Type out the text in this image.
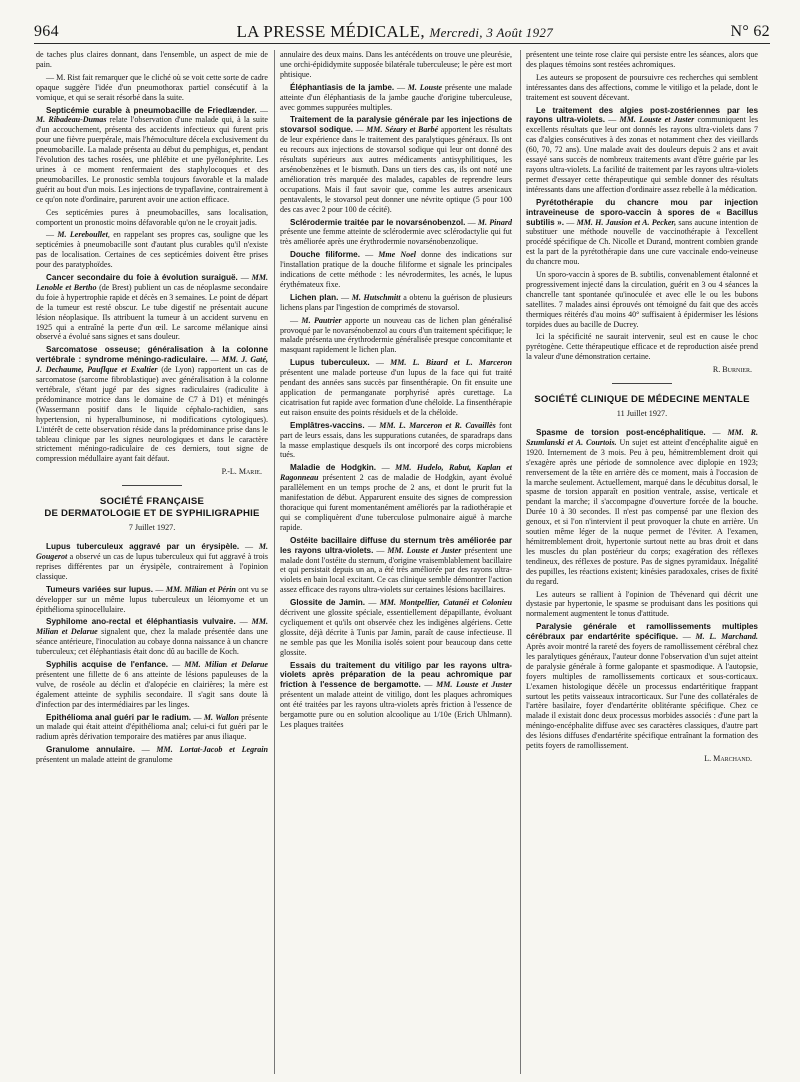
964	LA PRESSE MÉDICALE, Mercredi, 3 Août 1927	N° 62

de taches plus claires donnant, dans l'ensemble, un aspect de mie de pain.

— M. Rist fait remarquer que le cliché où se voit cette sorte de cadre opaque suggère l'idée d'un pneumothorax partiel consécutif à la vomique, et qui se serait résorbé dans la suite.

Septicémie curable à pneumobacille de Friedlænder. — M. Ribadeau-Dumas relate l'observation d'une malade qui, à la suite d'un accouchement, présenta des accidents infectieux qui furent pris pour une fièvre puerpérale, mais l'hémoculture décela exclusivement du pneumobacille. La malade présenta au début du pemphigus, et, pendant l'évolution des taches rosées, une phlébite et une pyélonéphrite. Les urines à ce moment renfermaient des staphylocoques et des pneumobacilles. Le pronostic sembla toujours favorable et la malade guérit au bout d'un mois. Les injections de trypaflavine, contrairement à ce qu'on note d'ordinaire, parurent avoir une action efficace.

Ces septicémies pures à pneumobacilles, sans localisation, comportent un pronostic moins défavorable qu'on ne le croyait jadis.

— M. Lereboullet, en rappelant ses propres cas, souligne que les septicémies à pneumobacille sont d'autant plus curables qu'il n'existe pas de localisation. Certaines de ces septicémies doivent être prises pour des paratyphoïdes.

Cancer secondaire du foie à évolution suraiguë. — MM. Lenoble et Bertho (de Brest) publient un cas de néoplasme secondaire du foie à hypertrophie rapide et décès en 3 semaines. Le point de départ de la tumeur est resté obscur. Le tube digestif ne présentait aucune lésion néoplasique. Ils attribuent la tumeur à un accident survenu en 1925 qui a entraîné la perte d'un œil. Le sarcome mélanique ainsi observé a évolué sans signes et sans douleur.

Sarcomatose osseuse; généralisation à la colonne vertébrale : syndrome méningo-radiculaire. — MM. J. Gaté, J. Dechaume, Pauflque et Exaltier (de Lyon) rapportent un cas de sarcomatose (sarcome fibroblastique) avec généralisation à la colonne vertébrale, s'étant jugé par des signes radiculaires (radiculite à prédominance motrice dans le domaine de C7 à D1) et méningés (Wassermann positif dans le liquide céphalo-rachidien, sans hypertension, ni hyperalbuminose, ni modifications cytologiques). L'intérêt de cette observation réside dans la prédominance prise dans le tableau clinique par les signes neurologiques et dans le caractère strictement méningo-radiculaire de ces derniers, tout signe de compression médullaire ayant fait défaut.

P.-L. Marie.

SOCIÉTÉ FRANÇAISE
DE DERMATOLOGIE ET DE SYPHILIGRAPHIE

7 Juillet 1927.

Lupus tuberculeux aggravé par un érysipèle. — M. Gougerot a observé un cas de lupus tuberculeux qui fut aggravé à trois reprises différentes par un érysipèle, contrairement à l'opinion classique.

Tumeurs variées sur lupus. — MM. Milian et Périn ont vu se développer sur un même lupus tuberculeux un léiomyome et un épithélioma spinocellulaire.

Syphilome ano-rectal et éléphantiasis vulvaire. — MM. Milian et Delarue signalent que, chez la malade présentée dans une séance antérieure, l'inoculation au cobaye donna naissance à un chancre tuberculeux; cet éléphantiasis était donc dû au bacille de Koch.

Syphilis acquise de l'enfance. — MM. Milian et Delarue présentent une fillette de 6 ans atteinte de lésions papuleuses de la vulve, de roséole au déclin et d'alopécie en clairières; la mère est également atteinte de syphilis secondaire. Il s'agit sans doute là d'infection par des intermédiaires par les linges.

Epithélioma anal guéri par le radium. — M. Wallon présente un malade qui était atteint d'épithélioma anal; celui-ci fut guéri par le radium après dérivation temporaire des matières par anus iliaque.

Granulome annulaire. — MM. Lortat-Jacob et Legrain présentent un malade atteint de granulome

annulaire des deux mains. Dans les antécédents on trouve une pleurésie, une orchi-épididymite supposée bilatérale tuberculeuse; le père est mort phtisique.

Éléphantiasis de la jambe. — M. Louste présente une malade atteinte d'un éléphantiasis de la jambe gauche d'origine tuberculeuse, avec gommes suppurées multiples.

Traitement de la paralysie générale par les injections de stovarsol sodique. — MM. Sézary et Barbé apportent les résultats de leur expérience dans le traitement des paralytiques généraux. Ils ont eu recours aux injections de stovarsol sodique qui leur ont donné des résultats supérieurs aux autres médicaments antisyphilitiques, les arsénobenzènes et le bismuth. Dans un tiers des cas, ils ont noté une amélioration très marquée des malades, capables de reprendre leurs occupations. Mais il faut savoir que, comme les autres arsenicaux pentavalents, le stovarsol peut donner une névrite optique (5 pour 100 des cas avec 2 pour 100 de cécité).

Sclérodermie traitée par le novarsénobenzol. — M. Pinard présente une femme atteinte de sclérodermie avec sclérodactylie qui fut très améliorée après une érythrodermie novarsénobenzolique.

Douche filiforme. — Mme Noel donne des indications sur l'installation pratique de la douche filiforme et signale les principales indications de cette méthode : les névrodermites, les acnés, le lupus érythémateux fixe.

Lichen plan. — M. Hutschmitt a obtenu la guérison de plusieurs lichens plans par l'ingestion de comprimés de stovarsol.

— M. Pautrier apporte un nouveau cas de lichen plan généralisé provoqué par le novarsénobenzol au cours d'un traitement spécifique; le malade présenta une érythrodermie généralisée presque concomitante et masquant rapidement le lichen plan.

Lupus tuberculeux. — MM. L. Bizard et L. Marceron présentent une malade porteuse d'un lupus de la face qui fut traité pendant des années sans succès par finsenthérapie. On fit ensuite une application de permanganate porphyrisé après curettage. La cicatrisation fut rapide avec formation d'une chéloïde. La finsenthérapie eut raison ensuite des points résiduels et de la chéloïde.

Emplâtres-vaccins. — MM. L. Marceron et R. Cavaillès font part de leurs essais, dans les suppurations cutanées, de sparadraps dans la masse emplastique desquels ils ont incorporé des corps microbiens tués.

Maladie de Hodgkin. — MM. Hudelo, Rabut, Kaplan et Ragonneau présentent 2 cas de maladie de Hodgkin, ayant évolué parallèlement en un temps proche de 2 ans, et dont le prurit fut la manifestation de début. Apparurent ensuite des signes de compression thoracique qui furent momentanément améliorés par la radiothérapie et qui se compliquèrent d'une tuberculose pulmonaire aiguë à marche rapide.

Ostéite bacillaire diffuse du sternum très améliorée par les rayons ultra-violets. — MM. Louste et Juster présentent une malade dont l'ostéite du sternum, d'origine vraisemblablement bacillaire et qui persistait depuis un an, a été très améliorée par des rayons ultra-violets en bain local excitant. Ce cas clinique semble démontrer l'action assez efficace des rayons ultra-violets sur certaines lésions bacillaires.

Glossite de Jamin. — MM. Montpellier, Catanéi et Colonieu décrivent une glossite spéciale, essentiellement dépapillante, évoluant cycliquement et qu'ils ont observée chez les indigènes algériens. Cette glossite, déjà décrite à Tunis par Jamin, paraît de cause infectieuse. Il ne semble pas que les Monilia isolés soient pour beaucoup dans cette glossite.

Essais du traitement du vitiligo par les rayons ultra-violets après préparation de la peau achromique par friction à l'essence de bergamotte. — MM. Louste et Juster présentent un malade atteint de vitiligo, dont les plaques achromiques ont été traitées par les rayons ultra-violets après friction à l'essence de bergamotte pure ou en solution alcoolique au 1/10e (Erich Uhlmann). Les plaques traitées

présentent une teinte rose claire qui persiste entre les séances, alors que des plaques témoins sont restées achromiques.

Les auteurs se proposent de poursuivre ces recherches qui semblent intéressantes dans des affections, comme le vitiligo et la pelade, dont le traitement est souvent décevant.

Le traitement des algies post-zostériennes par les rayons ultra-violets. — MM. Louste et Juster communiquent les excellents résultats que leur ont donnés les rayons ultra-violets dans 7 cas d'algies consécutives à des zonas et notamment chez des vieillards (60, 70, 72 ans). Une malade avait des douleurs depuis 2 ans et avait essayé sans succès de nombreux traitements avant d'être guérie par les rayons ultra-violets. La facilité de traitement par les rayons ultra-violets permet d'essayer cette thérapeutique qui semble donner des résultats intéressants dans une affection d'ordinaire assez rebelle à la médication.

Pyrétothérapie du chancre mou par injection intraveineuse de sporo-vaccin à spores de « Bacillus subtilis ». — MM. H. Jausion et A. Pecker, sans aucune intention de substituer une méthode nouvelle de vaccinothérapie à l'excellent procédé spécifique de Ch. Nicolle et Durand, montrent combien grande est la part de la pyrétothérapie dans une cure vaccinale endo-veineuse du chancre mou.

Un sporo-vaccin à spores de B. subtilis, convenablement étalonné et progressivement injecté dans la circulation, guérit en 3 ou 4 séances la chancrelle tant spontanée qu'inoculée et avec elle le ou les bubons satellites. 7 malades ainsi éprouvés ont témoigné du fait que des accès thermiques réitérés d'au moins 40° suffisaient à épidermiser les lésions torpides dues au bacille de Ducrey.

Ici la spécificité ne saurait intervenir, seul est en cause le choc pyrétogène. Cette thérapeutique efficace et de reproduction aisée prend la valeur d'une démonstration certaine.

R. Burnier.

SOCIÉTÉ CLINIQUE DE MÉDECINE MENTALE

11 Juillet 1927.

Spasme de torsion post-encéphalitique. — MM. R. Szumlanski et A. Courtois. Un sujet est atteint d'encéphalite aiguë en 1920. Internement de 3 mois. Peu à peu, hémitremblement droit qui s'exagère après une période de somnolence avec diplopie en 1923; renversement de la tête en arrière dès ce moment, mais à l'occasion de la marche seulement. Actuellement, marqué dans le décubitus dorsal, le spasme de torsion apparaît en position ventrale, assise, verticale et pendant la marche; il s'accompagne d'ouverture forcée de la bouche. Durée 10 à 30 secondes. Il n'est pas compensé par une flexion des genoux, et si l'on n'intervient il peut provoquer la chute en arrière. Un soutien même léger de la nuque permet de l'éviter. A l'examen, hémitremblement droit, hypertonie surtout nette au bras droit et dans les muscles du plan postérieur du corps; exagération des réflexes tendineux, des réflexes de posture. Pas de signes pyramidaux. Inégalité des pupilles, les réactions existent; kinésies paradoxales, crises de fixité du regard.

Les auteurs se rallient à l'opinion de Thévenard qui décrit une dystasie par hypertonie, le spasme se produisant dans les positions qui normalement augmentent le tonus d'attitude.

Paralysie générale et ramollissements multiples cérébraux par endartérite spécifique. — M. L. Marchand. Après avoir montré la rareté des foyers de ramollissement cérébral chez les paralytiques généraux, l'auteur donne l'observation d'un sujet atteint de paralysie générale à forme galopante et spasmodique. A l'autopsie, foyers multiples de ramollissements corticaux et sous-corticaux. L'examen histologique décèle un processus endartéritique frappant surtout les petits vaisseaux intracorticaux. Sur l'une des collatérales de l'artère basilaire, foyer d'endartérite oblitérante spécifique. Chez ce malade il existait donc deux processus morbides associés : d'une part la méningo-encéphalite diffuse avec ses caractères classiques, d'autre part des lésions diffuses d'endartérite spécifique entraînant la formation des petits foyers de ramollissement.

L. Marchand.
